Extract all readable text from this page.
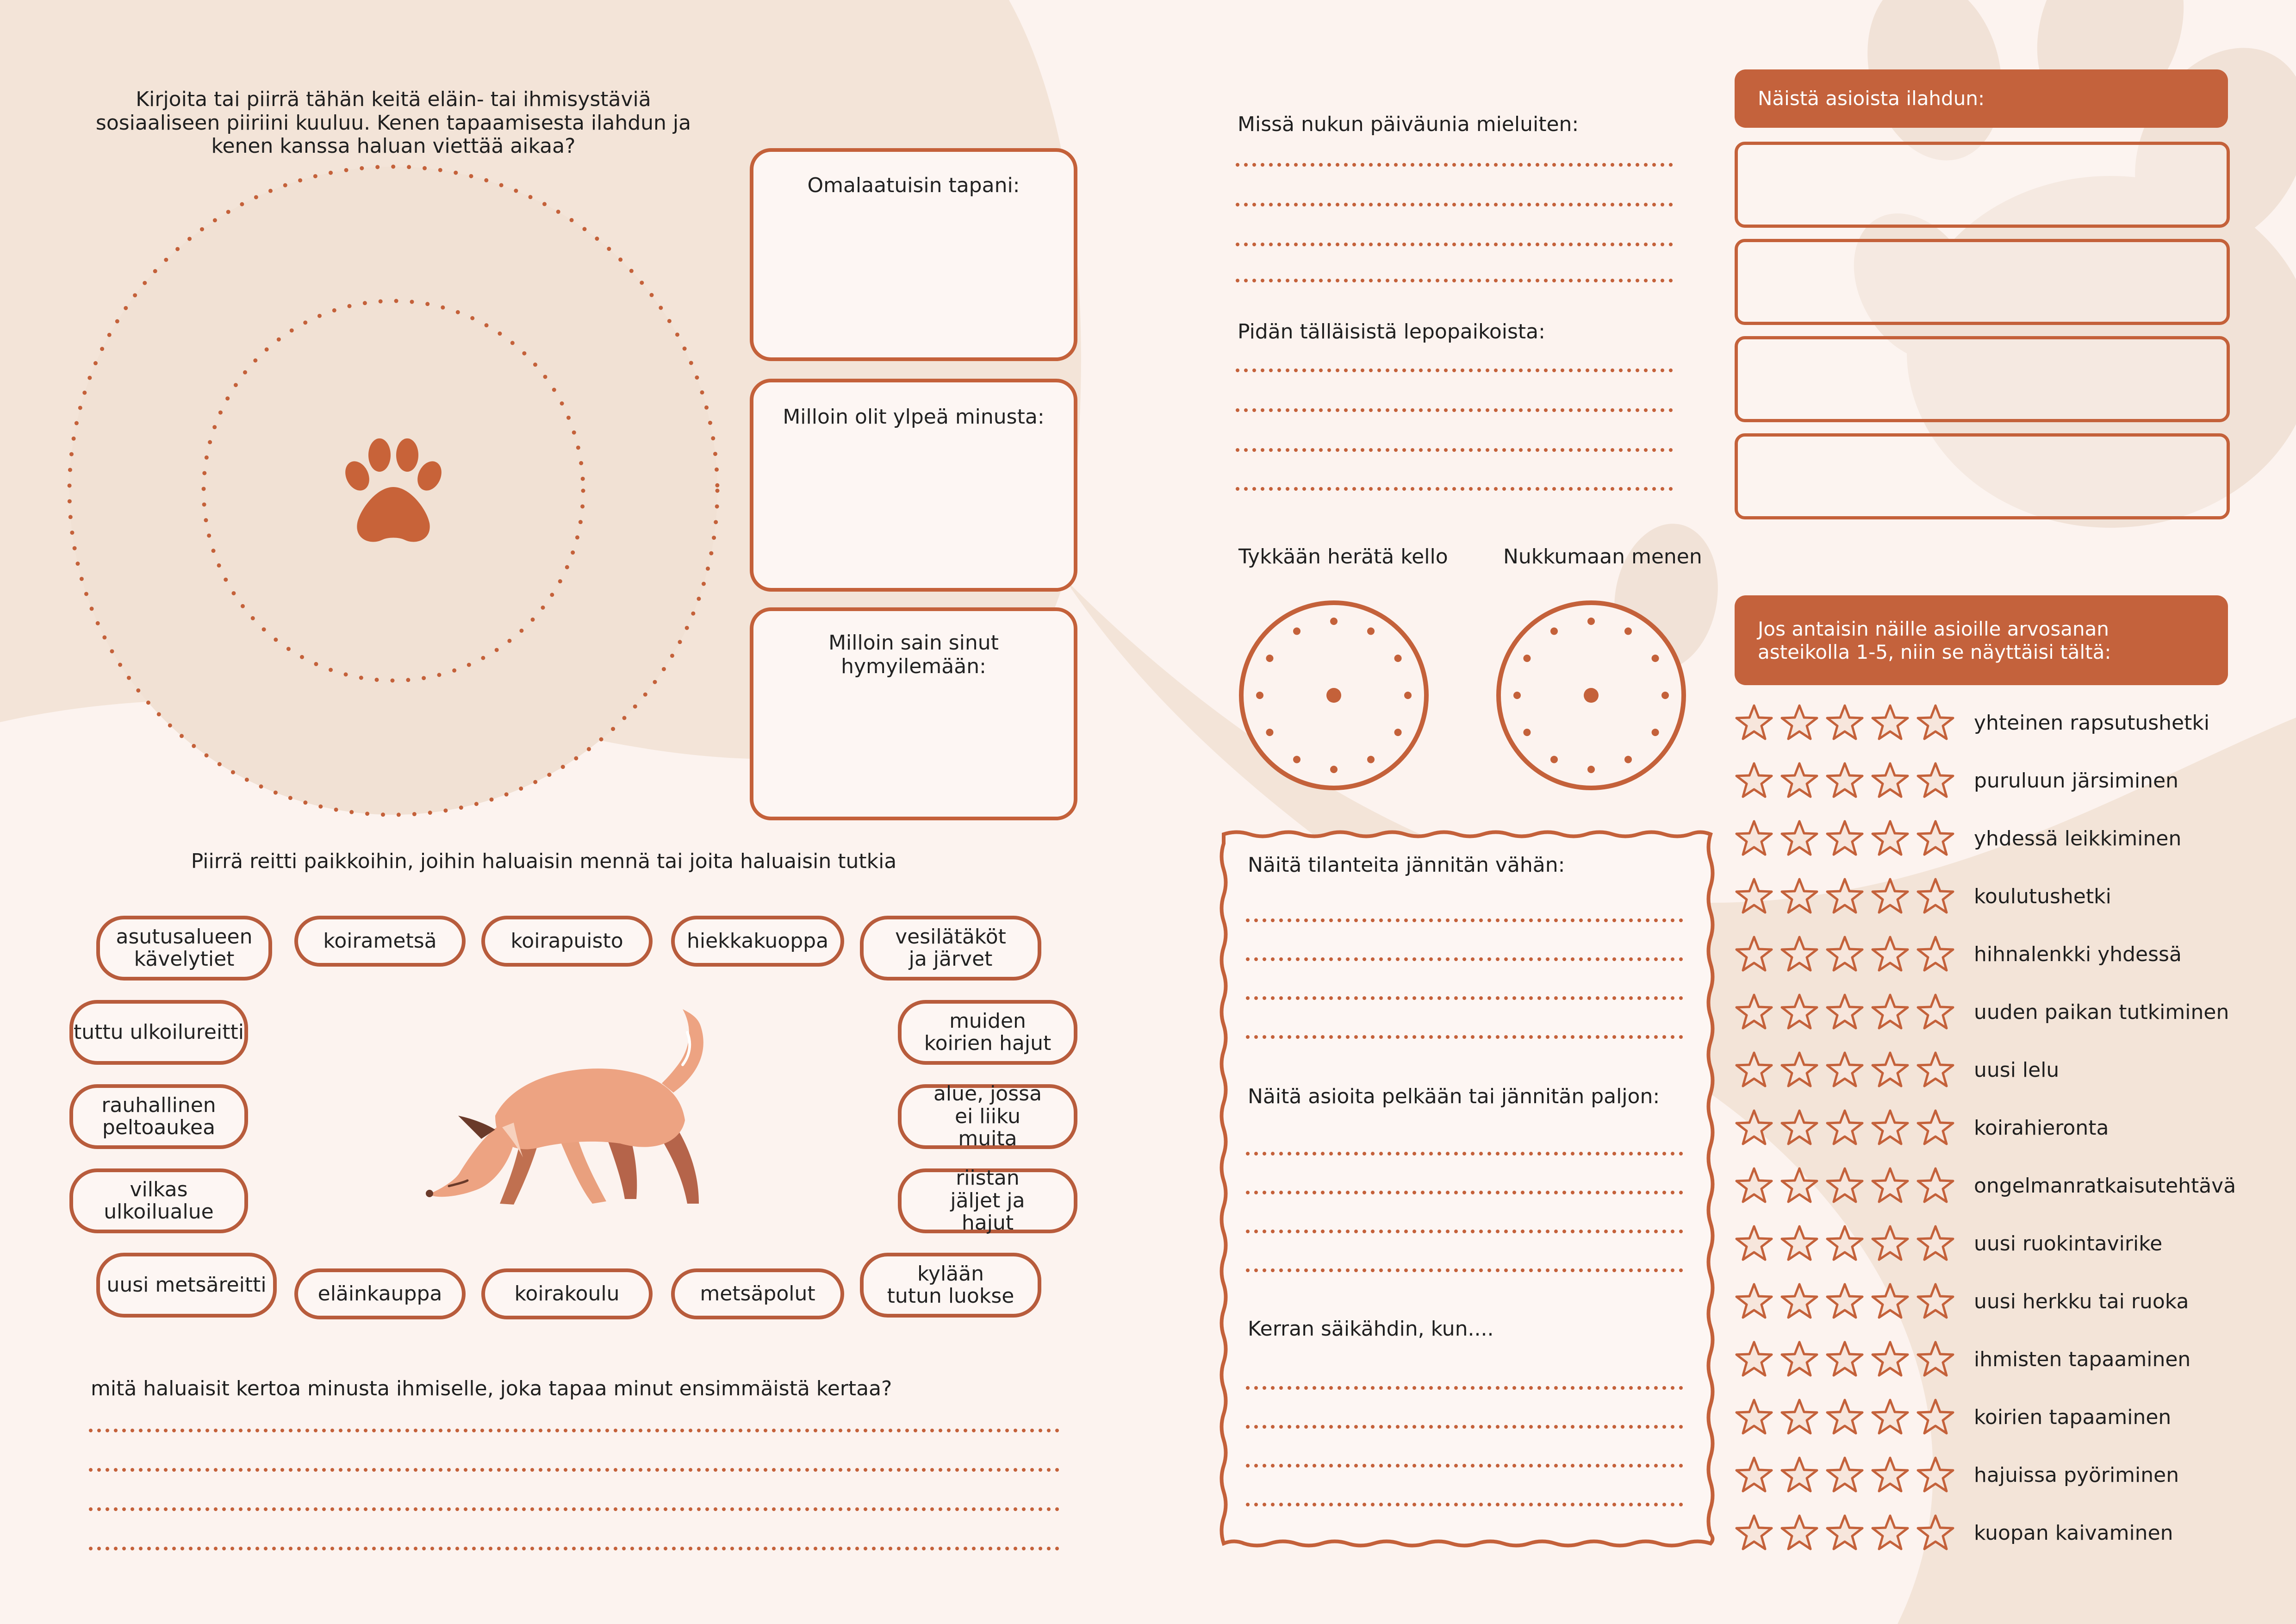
Kirjoita tai piirrä tähän keitä eläin- tai ihmisystäviä sosiaaliseen piiriini kuuluu. Kenen tapaamisesta ilahdun ja kenen kanssa haluan viettää aikaa?
Omalaatuisin tapani:
Milloin olit ylpeä minusta:
Milloin sain sinut hymyilemään:
Piirrä reitti paikkoihin, joihin haluaisin mennä tai joita haluaisin tutkia
asutusalueen kävelytiet
koirametsä	koirapuisto	hiekkakuoppa	vesilätäköt ja järvet
tuttu ulkoilureitti	muiden koirien hajut
rauhallinen peltoaukea
alue, jossa ei liiku muita
vilkas ulkoilualue
riistan jäljet ja hajut
uusi metsäreitti	eläinkauppa	koirakoulu	metsäpolut
kylään tutun luokse
mitä haluaisit kertoa minusta ihmiselle, joka tapaa minut ensimmäistä kertaa?
Missä nukun päiväunia mieluiten:
Pidän tälläisistä lepopaikoista:
Tykkään herätä kello	Nukkumaan menen
Näitä tilanteita jännitän vähän:
Näitä asioita pelkään tai jännitän paljon:
Kerran säikähdin, kun....
Näistä asioista ilahdun:
Jos antaisin näille asioille arvosanan asteikolla 1-5, niin se näyttäisi tältä:
yhteinen rapsutushetki
puruluun järsiminen
yhdessä leikkiminen
koulutushetki
hihnalenkki yhdessä
uuden paikan tutkiminen
uusi lelu
koirahieronta
ongelmanratkaisutehtävä
uusi ruokintavirike
uusi herkku tai ruoka
ihmisten tapaaminen
koirien tapaaminen
hajuissa pyöriminen
kuopan kaivaminen
